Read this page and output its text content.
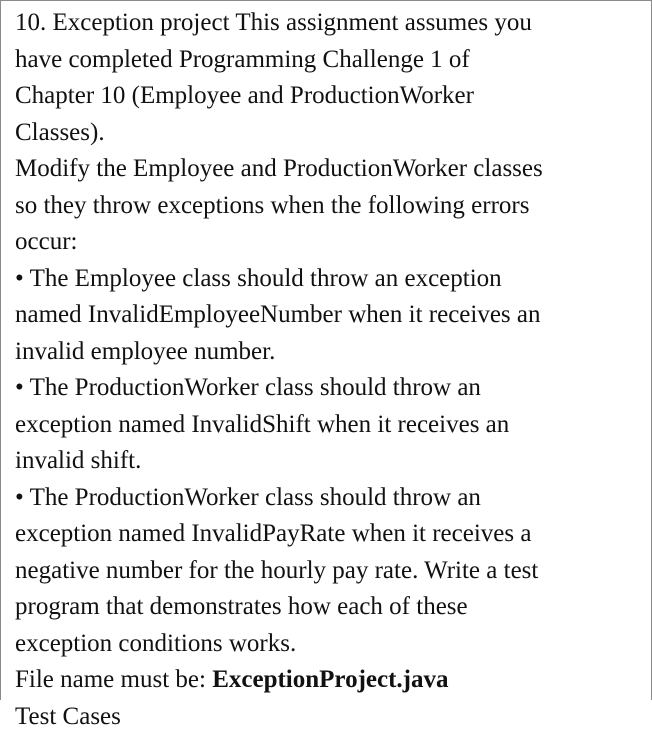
10. Exception project This assignment assumes you
have completed Programming Challenge 1 of
Chapter 10 (Employee and ProductionWorker
Classes).
Modify the Employee and ProductionWorker classes
so they throw exceptions when the following errors
occur:
• The Employee class should throw an exception
named InvalidEmployeeNumber when it receives an
invalid employee number.
• The ProductionWorker class should throw an
exception named InvalidShift when it receives an
invalid shift.
• The ProductionWorker class should throw an
exception named InvalidPayRate when it receives a
negative number for the hourly pay rate. Write a test
program that demonstrates how each of these
exception conditions works.
File name must be: ExceptionProject.java
Test Cases
